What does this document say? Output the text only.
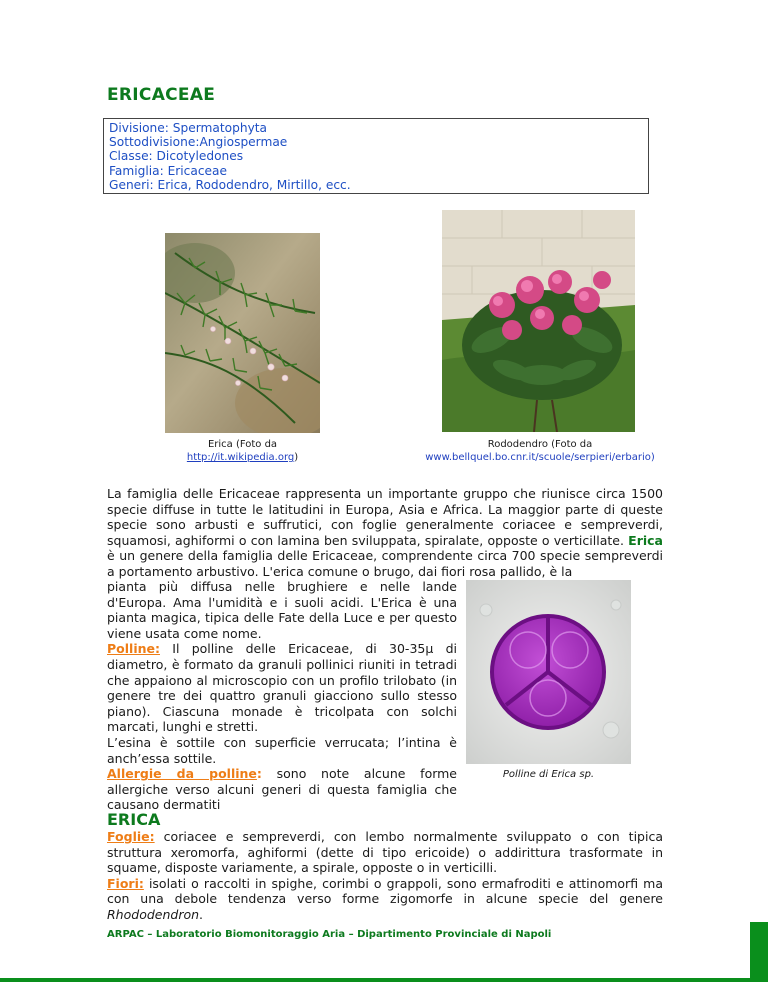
ERICACEAE
Divisione: Spermatophyta
Sottodivisione:Angiospermae
Classe: Dicotyledones
Famiglia: Ericaceae
Generi: Erica, Rododendro, Mirtillo, ecc.
Erica (Foto da
http://it.wikipedia.org)
Rododendro (Foto da
www.bellquel.bo.cnr.it/scuole/serpieri/erbario)
La famiglia delle Ericaceae rappresenta un importante gruppo che riunisce circa 1500 specie diffuse in tutte le latitudini in Europa, Asia e Africa. La maggior parte di queste specie sono arbusti e suffrutici, con foglie generalmente coriacee e sempreverdi, squamosi, aghiformi o con lamina ben sviluppata, spiralate, opposte o verticillate. Erica è un genere della famiglia delle Ericaceae, comprendente circa 700 specie sempreverdi a portamento arbustivo. L'erica comune o brugo, dai fiori rosa pallido, è la
pianta più diffusa nelle brughiere e nelle lande d'Europa. Ama l'umidità e i suoli acidi. L'Erica è una pianta magica, tipica delle Fate della Luce e per questo viene usata come nome.
Polline: Il polline delle Ericaceae, di 30-35µ di diametro, è formato da granuli pollinici riuniti in tetradi che appaiono al microscopio con un profilo trilobato (in genere tre dei quattro granuli giacciono sullo stesso piano). Ciascuna monade è tricolpata con solchi marcati, lunghi e stretti.
L’esina è sottile con superficie verrucata; l’intina è anch’essa sottile.
Allergie da polline: sono note alcune forme allergiche verso alcuni generi di questa famiglia che causano dermatiti
Polline di Erica sp.
ERICA
Foglie: coriacee e sempreverdi, con lembo normalmente sviluppato o con tipica struttura xeromorfa, aghiformi (dette di tipo ericoide) o addirittura trasformate in squame, disposte variamente, a spirale, opposte o in verticilli.
Fiori: isolati o raccolti in spighe, corimbi o grappoli, sono ermafroditi e attinomorfi ma con una debole tendenza verso forme zigomorfe in alcune specie del genere Rhododendron.
ARPAC – Laboratorio Biomonitoraggio Aria – Dipartimento Provinciale di Napoli
